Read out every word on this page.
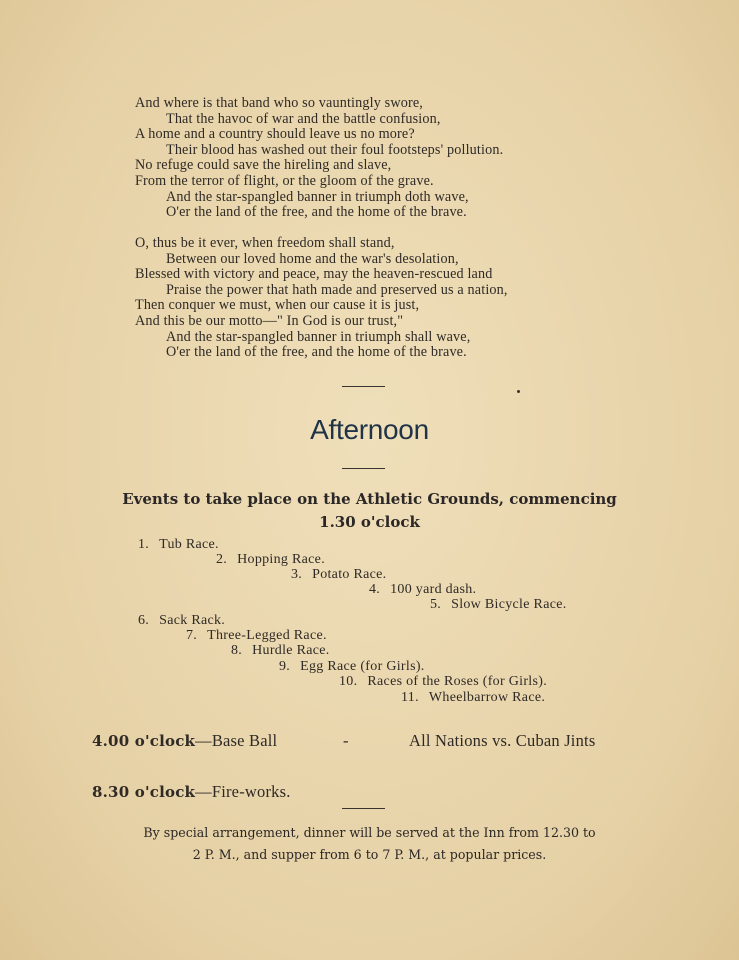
And where is that band who so vauntingly swore,
That the havoc of war and the battle confusion,
A home and a country should leave us no more?
Their blood has washed out their foul footsteps' pollution.
No refuge could save the hireling and slave,
From the terror of flight, or the gloom of the grave.
And the star-spangled banner in triumph doth wave,
O'er the land of the free, and the home of the brave.
O, thus be it ever, when freedom shall stand,
Between our loved home and the war's desolation,
Blessed with victory and peace, may the heaven-rescued land
Praise the power that hath made and preserved us a nation,
Then conquer we must, when our cause it is just,
And this be our motto—" In God is our trust,"
And the star-spangled banner in triumph shall wave,
O'er the land of the free, and the home of the brave.
Afternoon
Events to take place on the Athletic Grounds, commencing
1.30 o'clock
1. Tub Race.
2. Hopping Race.
3. Potato Race.
4. 100 yard dash.
5. Slow Bicycle Race.
6. Sack Rack.
7. Three-Legged Race.
8. Hurdle Race.
9. Egg Race (for Girls).
10. Races of the Roses (for Girls).
11. Wheelbarrow Race.
4.00 o'clock—Base Ball	-	All Nations vs. Cuban Jints
8.30 o'clock—Fire-works.
By special arrangement, dinner will be served at the Inn from 12.30 to
2 P. M., and supper from 6 to 7 P. M., at popular prices.
